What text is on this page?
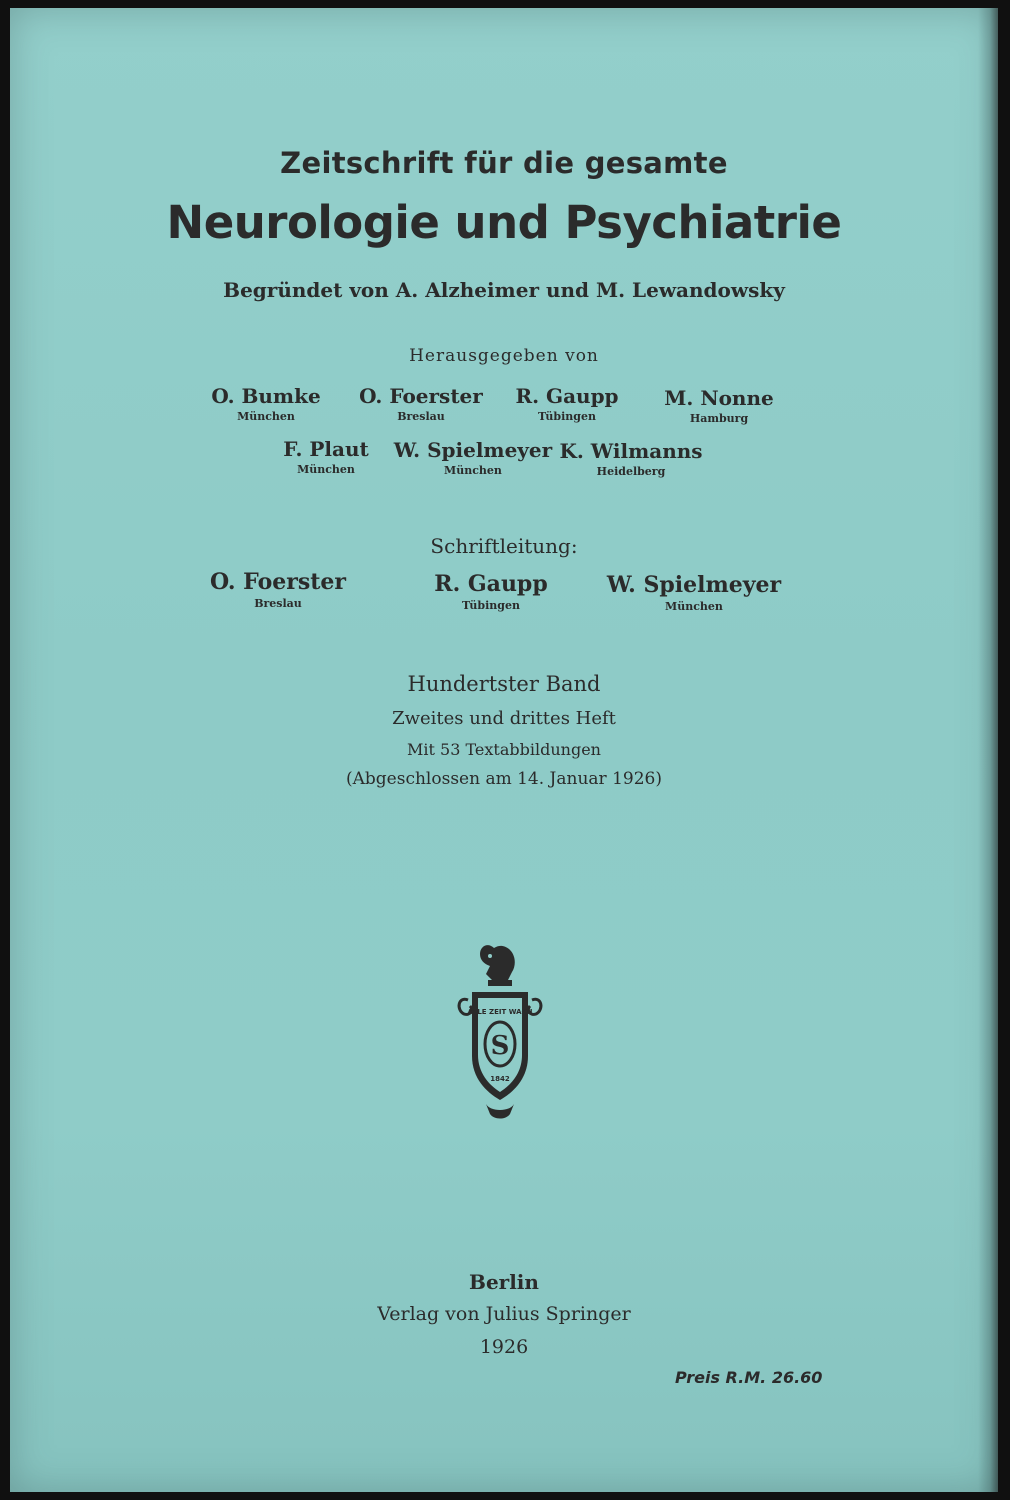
Zeitschrift für die gesamte
Neurologie und Psychiatrie
Begründet von A. Alzheimer und M. Lewandowsky
Herausgegeben von
O. Bumke
München
O. Foerster
Breslau
R. Gaupp
Tübingen
M. Nonne
Hamburg
F. Plaut
München
W. Spielmeyer
München
K. Wilmanns
Heidelberg
Schriftleitung:
O. Foerster
Breslau
R. Gaupp
Tübingen
W. Spielmeyer
München
Hundertster Band
Zweites und drittes Heft
Mit 53 Textabbildungen
(Abgeschlossen am 14. Januar 1926)
S
ALLE ZEIT WACH
1842
Berlin
Verlag von Julius Springer
1926
Preis R.M. 26.60
